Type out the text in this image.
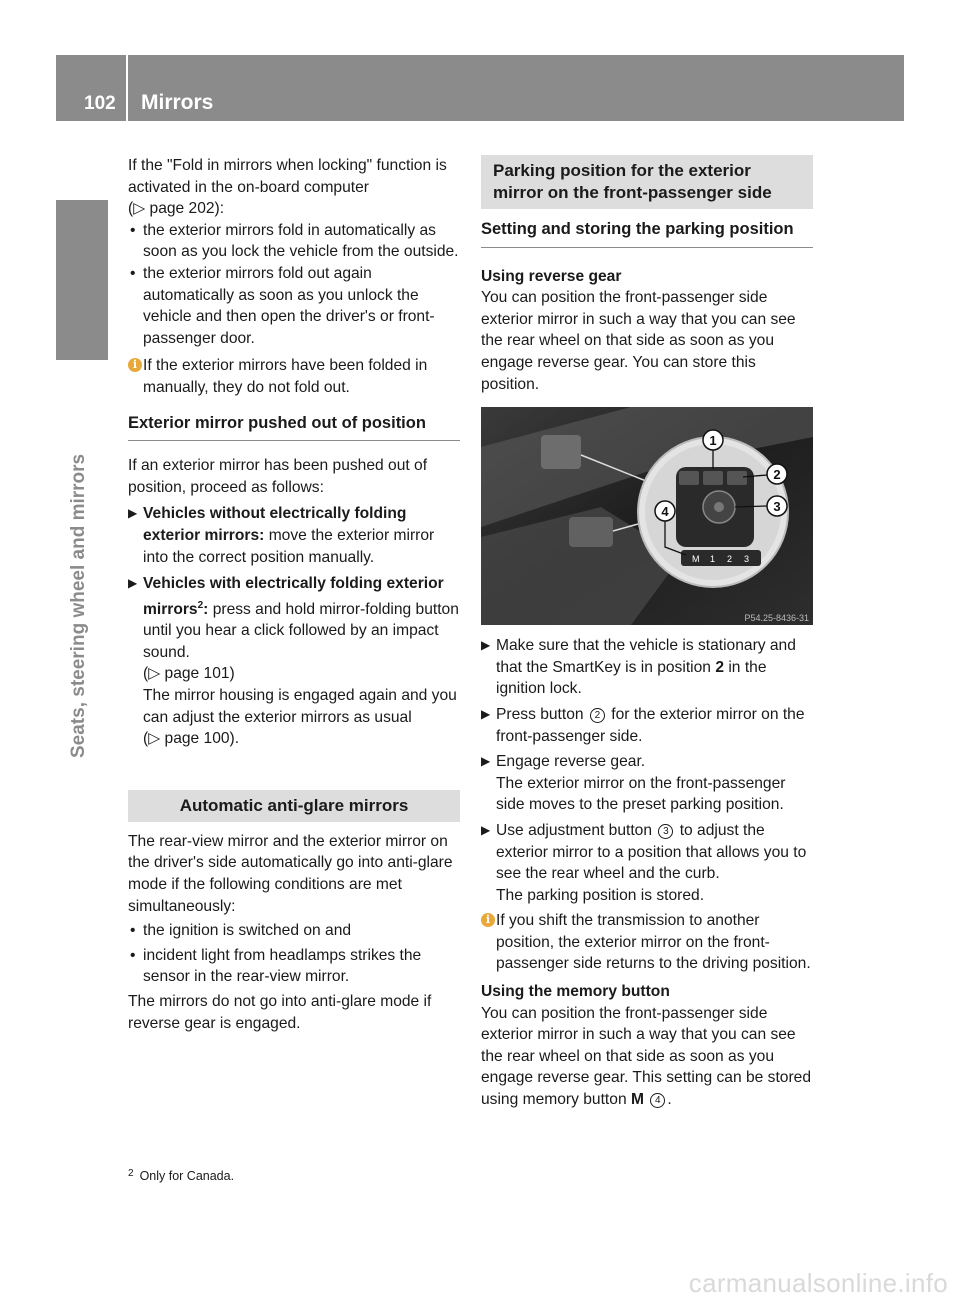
102 Mirrors
Seats, steering wheel and mirrors

If the "Fold in mirrors when locking" function is activated in the on-board computer
(▷ page 202):

• the exterior mirrors fold in automatically as soon as you lock the vehicle from the outside.

• the exterior mirrors fold out again automatically as soon as you unlock the vehicle and then open the driver's or front-passenger door.

i If the exterior mirrors have been folded in manually, they do not fold out.

Exterior mirror pushed out of position

If an exterior mirror has been pushed out of position, proceed as follows:

▶ Vehicles without electrically folding exterior mirrors: move the exterior mirror into the correct position manually.

▶ Vehicles with electrically folding exterior mirrors$^2$: press and hold mirror-folding button until you hear a click followed by an impact sound.
(▷ page 101)
The mirror housing is engaged again and you can adjust the exterior mirrors as usual
(▷ page 100).

Automatic anti-glare mirrors

The rear-view mirror and the exterior mirror on the driver's side automatically go into anti-glare mode if the following conditions are met simultaneously:

• the ignition is switched on and

• incident light from headlamps strikes the sensor in the rear-view mirror.

The mirrors do not go into anti-glare mode if reverse gear is engaged.

Parking position for the exterior mirror on the front-passenger side

Setting and storing the parking position

Using reverse gear

You can position the front-passenger side exterior mirror in such a way that you can see the rear wheel on that side as soon as you engage reverse gear. You can store this position.

M 1 2 3
1
2
3
4
P54.25-8436-31

▶ Make sure that the vehicle is stationary and that the SmartKey is in position 2 in the ignition lock.

▶ Press button 2 for the exterior mirror on the front-passenger side.

▶ Engage reverse gear.
The exterior mirror on the front-passenger side moves to the preset parking position.

▶ Use adjustment button 3 to adjust the exterior mirror to a position that allows you to see the rear wheel and the curb.
The parking position is stored.

i If you shift the transmission to another position, the exterior mirror on the front-passenger side returns to the driving position.

Using the memory button

You can position the front-passenger side exterior mirror in such a way that you can see the rear wheel on that side as soon as you engage reverse gear. This setting can be stored using memory button M 4 .

$^2$ Only for Canada.
carmanualsonline.info
